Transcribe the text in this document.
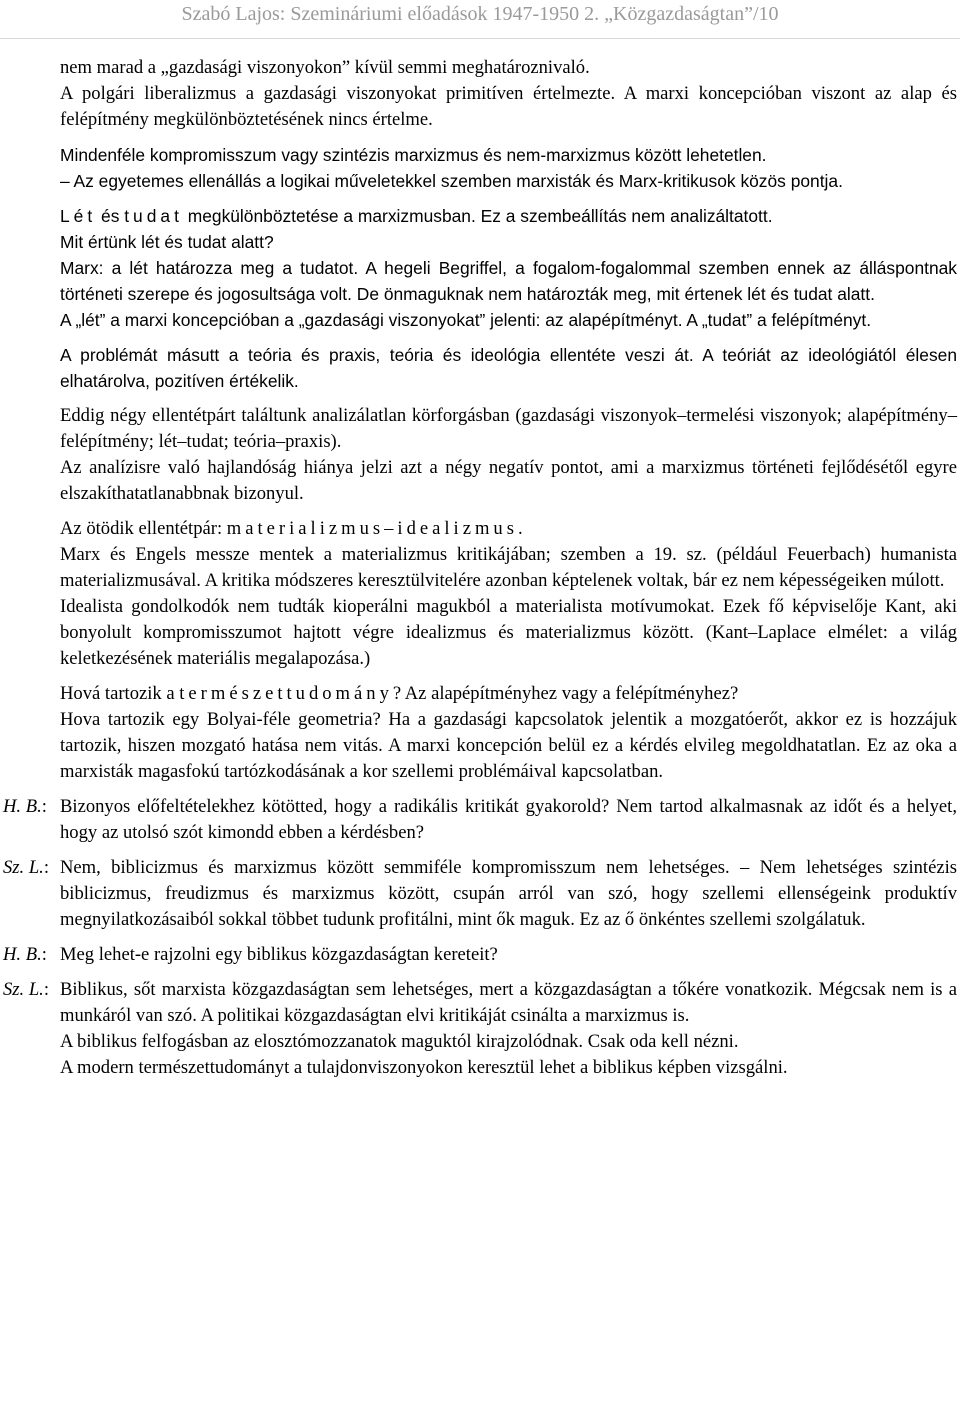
Szabó Lajos: Szemináriumi előadások 1947-1950 2. „Közgazdaságtan”/10
nem marad a „gazdasági viszonyokon” kívül semmi meghatároznivaló.
A polgári liberalizmus a gazdasági viszonyokat primitíven értelmezte. A marxi koncepcióban viszont az alap és felépítmény megkülönböztetésének nincs értelme.
Mindenféle kompromisszum vagy szintézis marxizmus és nem-marxizmus között lehetetlen.
– Az egyetemes ellenállás a logikai műveletekkel szemben marxisták és Marx-kritikusok közös pontja.
Lét és tudat megkülönböztetése a marxizmusban. Ez a szembeállítás nem analizáltatott.
Mit értünk lét és tudat alatt?
Marx: a lét határozza meg a tudatot. A hegeli Begriffel, a fogalom-fogalommal szemben ennek az álláspontnak történeti szerepe és jogosultsága volt. De önmaguknak nem határozták meg, mit értenek lét és tudat alatt.
A „lét” a marxi koncepcióban a „gazdasági viszonyokat” jelenti: az alapépítményt. A „tudat” a felépítményt.
A problémát másutt a teória és praxis, teória és ideológia ellentéte veszi át. A teóriát az ideológiától élesen elhatárolva, pozitíven értékelik.
Eddig négy ellentétpárt találtunk analizálatlan körforgásban (gazdasági viszonyok–termelési viszonyok; alapépítmény–felépítmény; lét–tudat; teória–praxis).
Az analízisre való hajlandóság hiánya jelzi azt a négy negatív pontot, ami a marxizmus történeti fejlődésétől egyre elszakíthatatlanabbnak bizonyul.
Az ötödik ellentétpár: materializmus–idealizmus.
Marx és Engels messze mentek a materializmus kritikájában; szemben a 19. sz. (például Feuerbach) humanista materializmusával. A kritika módszeres keresztülvitelére azonban képtelenek voltak, bár ez nem képességeiken múlott.
Idealista gondolkodók nem tudták kioperálni magukból a materialista motívumokat. Ezek fő képviselője Kant, aki bonyolult kompromisszumot hajtott végre idealizmus és materializmus között. (Kant–Laplace elmélet: a világ keletkezésének materiális megalapozása.)
Hová tartozik a természettudomány? Az alapépítményhez vagy a felépítményhez?
Hova tartozik egy Bolyai-féle geometria? Ha a gazdasági kapcsolatok jelentik a mozgatóerőt, akkor ez is hozzájuk tartozik, hiszen mozgató hatása nem vitás. A marxi koncepción belül ez a kérdés elvileg megoldhatatlan. Ez az oka a marxisták magasfokú tartózkodásának a kor szellemi problémáival kapcsolatban.
H. B.: Bizonyos előfeltételekhez kötötted, hogy a radikális kritikát gyakorold? Nem tartod alkalmasnak az időt és a helyet, hogy az utolsó szót kimondd ebben a kérdésben?
Sz. L.: Nem, biblicizmus és marxizmus között semmiféle kompromisszum nem lehetséges. – Nem lehetséges szintézis biblicizmus, freudizmus és marxizmus között, csupán arról van szó, hogy szellemi ellenségeink produktív megnyilatkozásaiból sokkal többet tudunk profitálni, mint ők maguk. Ez az ő önkéntes szellemi szolgálatuk.
H. B.: Meg lehet-e rajzolni egy biblikus közgazdaságtan kereteit?
Sz. L.: Biblikus, sőt marxista közgazdaságtan sem lehetséges, mert a közgazdaságtan a tőkére vonatkozik. Mégcsak nem is a munkáról van szó. A politikai közgazdaságtan elvi kritikáját csinálta a marxizmus is.
A biblikus felfogásban az elosztómozzanatok maguktól kirajzolódnak. Csak oda kell nézni.
A modern természettudományt a tulajdonviszonyokon keresztül lehet a biblikus képben vizsgálni.
